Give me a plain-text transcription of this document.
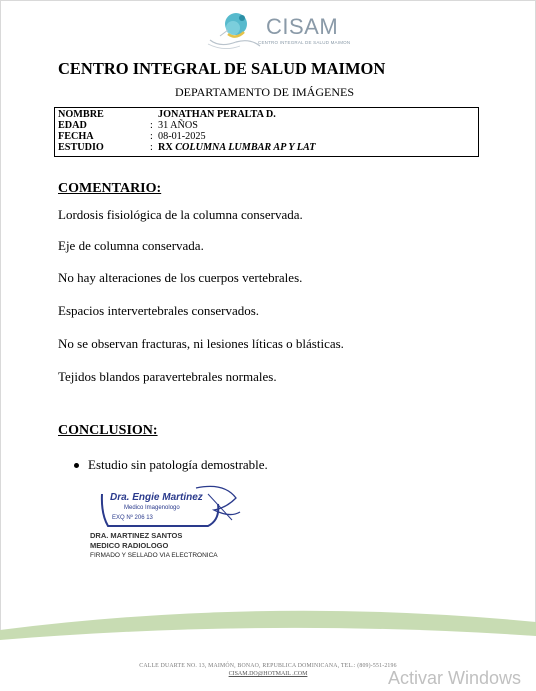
CISAM
CENTRO INTEGRAL DE SALUD MAIMON
CENTRO INTEGRAL DE SALUD MAIMON
DEPARTAMENTO DE IMÁGENES
NOMBRE	JONATHAN PERALTA D.
EDAD	: 31 AÑOS
FECHA	: 08-01-2025
ESTUDIO	: RX COLUMNA LUMBAR AP Y LAT
COMENTARIO:
Lordosis fisiológica de la columna conservada.
Eje de columna conservada.
No hay alteraciones de los cuerpos vertebrales.
Espacios intervertebrales conservados.
No se observan fracturas, ni lesiones líticas o blásticas.
Tejidos blandos paravertebrales normales.
CONCLUSION:
Estudio sin patología demostrable.
Dra. Engie Martinez
Medico Imagenologo
EXQ Nº 206 13
DRA. MARTINEZ SANTOS
MEDICO RADIOLOGO
FIRMADO Y SELLADO VIA ELECTRONICA
CALLE DUARTE NO. 13, MAIMÓN, BONAO, REPUBLICA DOMINICANA, TEL.: (809)-551-2196
CISAM.DO@HOTMAIL .COM	Activar Windows
